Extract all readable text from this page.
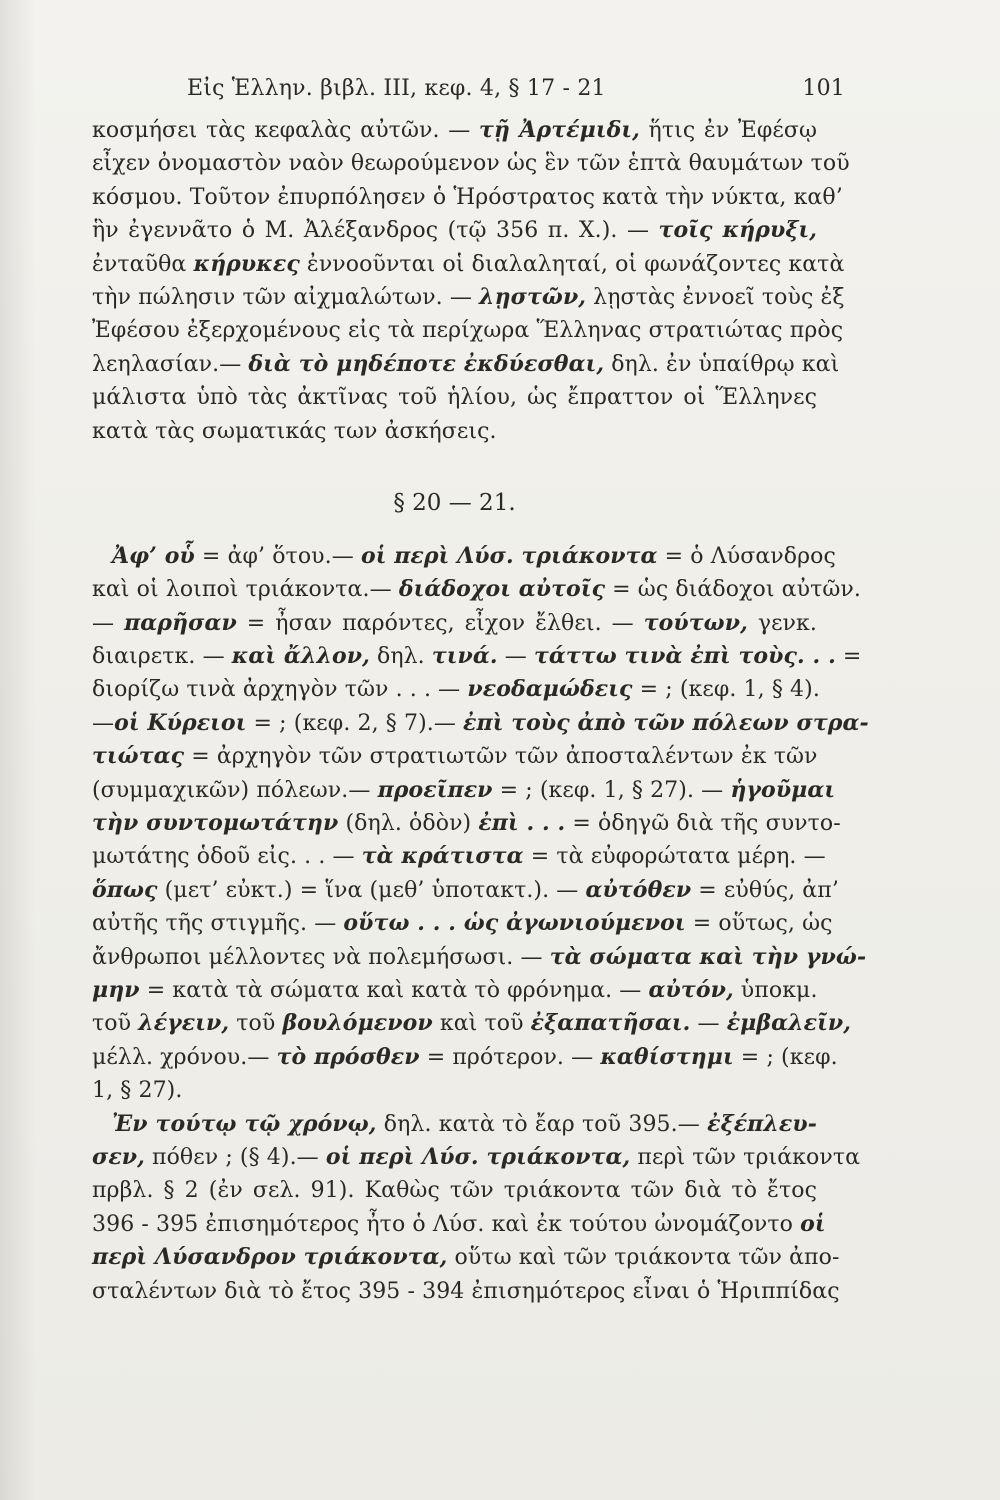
Εἰς Ἑλλην. βιβλ. III, κεφ. 4, § 17 - 21	101
κοσμήσει τὰς κεφαλὰς αὐτῶν. — τῇ Ἀρτέμιδι, ἥτις ἐν Ἐφέσῳ
εἶχεν ὀνομαστὸν ναὸν θεωρούμενον ὡς ἓν τῶν ἑπτὰ θαυμάτων τοῦ
κόσμου. Τοῦτον ἐπυρπόλησεν ὁ Ἡρόστρατος κατὰ τὴν νύκτα, καθ’
ἣν ἐγεννᾶτο ὁ Μ. Ἀλέξανδρος (τῷ 356 π. Χ.). — τοῖς κήρυξι,
ἐνταῦθα κήρυκες ἐννοοῦνται οἱ διαλαληταί, οἱ φωνάζοντες κατὰ
τὴν πώλησιν τῶν αἰχμαλώτων. — λῃστῶν, λῃστὰς ἐννοεῖ τοὺς ἐξ
Ἐφέσου ἐξερχομένους εἰς τὰ περίχωρα Ἕλληνας στρατιώτας πρὸς
λεηλασίαν.— διὰ τὸ μηδέποτε ἐκδύεσθαι, δηλ. ἐν ὑπαίθρῳ καὶ
μάλιστα ὑπὸ τὰς ἀκτῖνας τοῦ ἡλίου, ὡς ἔπραττον οἱ Ἕλληνες
κατὰ τὰς σωματικάς των ἀσκήσεις.
§ 20 — 21.
Ἀφ’ οὗ = ἀφ’ ὅτου.— οἱ περὶ Λύσ. τριάκοντα = ὁ Λύσανδρος
καὶ οἱ λοιποὶ τριάκοντα.— διάδοχοι αὐτοῖς = ὡς διάδοχοι αὐτῶν.
— παρῆσαν = ἦσαν παρόντες, εἶχον ἔλθει. — τούτων, γενκ.
διαιρετκ. — καὶ ἄλλον, δηλ. τινά. — τάττω τινὰ ἐπὶ τοὺς. . . =
διορίζω τινὰ ἀρχηγὸν τῶν . . . — νεοδαμώδεις = ; (κεφ. 1, § 4).
—οἱ Κύρειοι = ; (κεφ. 2, § 7).— ἐπὶ τοὺς ἀπὸ τῶν πόλεων στρα-
τιώτας = ἀρχηγὸν τῶν στρατιωτῶν τῶν ἀποσταλέντων ἐκ τῶν
(συμμαχικῶν) πόλεων.— προεῖπεν = ; (κεφ. 1, § 27). — ἡγοῦμαι
τὴν συντομωτάτην (δηλ. ὁδὸν) ἐπὶ . . . = ὁδηγῶ διὰ τῆς συντο-
μωτάτης ὁδοῦ εἰς. . . — τὰ κράτιστα = τὰ εὐφορώτατα μέρη. —
ὅπως (μετ’ εὐκτ.) = ἵνα (μεθ’ ὑποτακτ.). — αὐτόθεν = εὐθύς, ἀπ’
αὐτῆς τῆς στιγμῆς. — οὕτω . . . ὡς ἀγωνιούμενοι = οὕτως, ὡς
ἄνθρωποι μέλλοντες νὰ πολεμήσωσι. — τὰ σώματα καὶ τὴν γνώ-
μην = κατὰ τὰ σώματα καὶ κατὰ τὸ φρόνημα. — αὐτόν, ὑποκμ.
τοῦ λέγειν, τοῦ βουλόμενον καὶ τοῦ ἐξαπατῆσαι. — ἐμβαλεῖν,
μέλλ. χρόνου.— τὸ πρόσθεν = πρότερον. — καθίστημι = ; (κεφ.
1, § 27).
Ἐν τούτῳ τῷ χρόνῳ, δηλ. κατὰ τὸ ἔαρ τοῦ 395.— ἐξέπλευ-
σεν, πόθεν ; (§ 4).— οἱ περὶ Λύσ. τριάκοντα, περὶ τῶν τριάκοντα
πρβλ. § 2 (ἐν σελ. 91). Καθὼς τῶν τριάκοντα τῶν διὰ τὸ ἔτος
396 - 395 ἐπισημότερος ἦτο ὁ Λύσ. καὶ ἐκ τούτου ὠνομάζοντο οἱ
περὶ Λύσανδρον τριάκοντα, οὕτω καὶ τῶν τριάκοντα τῶν ἀπο-
σταλέντων διὰ τὸ ἔτος 395 - 394 ἐπισημότερος εἶναι ὁ Ἡριππίδας
